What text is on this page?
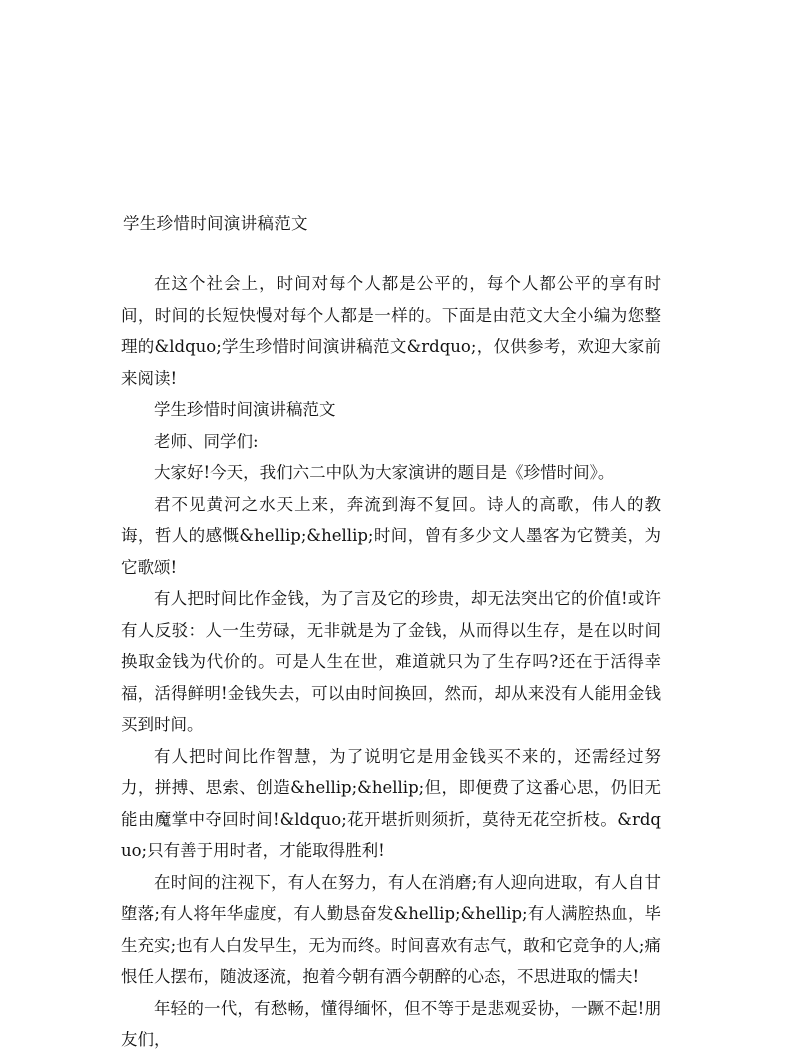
学生珍惜时间演讲稿范文

在这个社会上，时间对每个人都是公平的，每个人都公平的享有时间，时间的长短快慢对每个人都是一样的。下面是由范文大全小编为您整理的&ldquo;学生珍惜时间演讲稿范文&rdquo;，仅供参考，欢迎大家前来阅读!

学生珍惜时间演讲稿范文

老师、同学们:

大家好!今天，我们六二中队为大家演讲的题目是《珍惜时间》。

君不见黄河之水天上来，奔流到海不复回。诗人的高歌，伟人的教诲，哲人的感慨&hellip;&hellip;时间，曾有多少文人墨客为它赞美，为它歌颂!

有人把时间比作金钱，为了言及它的珍贵，却无法突出它的价值!或许有人反驳：人一生劳碌，无非就是为了金钱，从而得以生存，是在以时间换取金钱为代价的。可是人生在世，难道就只为了生存吗?还在于活得幸福，活得鲜明!金钱失去，可以由时间换回，然而，却从来没有人能用金钱买到时间。

有人把时间比作智慧，为了说明它是用金钱买不来的，还需经过努力，拼搏、思索、创造&hellip;&hellip;但，即便费了这番心思，仍旧无能由魔掌中夺回时间!&ldquo;花开堪折则须折，莫待无花空折枝。&rdquo;只有善于用时者，才能取得胜利!

在时间的注视下，有人在努力，有人在消磨;有人迎向进取，有人自甘堕落;有人将年华虚度，有人勤恳奋发&hellip;&hellip;有人满腔热血，毕生充实;也有人白发早生，无为而终。时间喜欢有志气，敢和它竞争的人;痛恨任人摆布，随波逐流，抱着今朝有酒今朝醉的心态，不思进取的懦夫!

年轻的一代，有愁畅，懂得缅怀，但不等于是悲观妥协，一蹶不起!朋友们，
